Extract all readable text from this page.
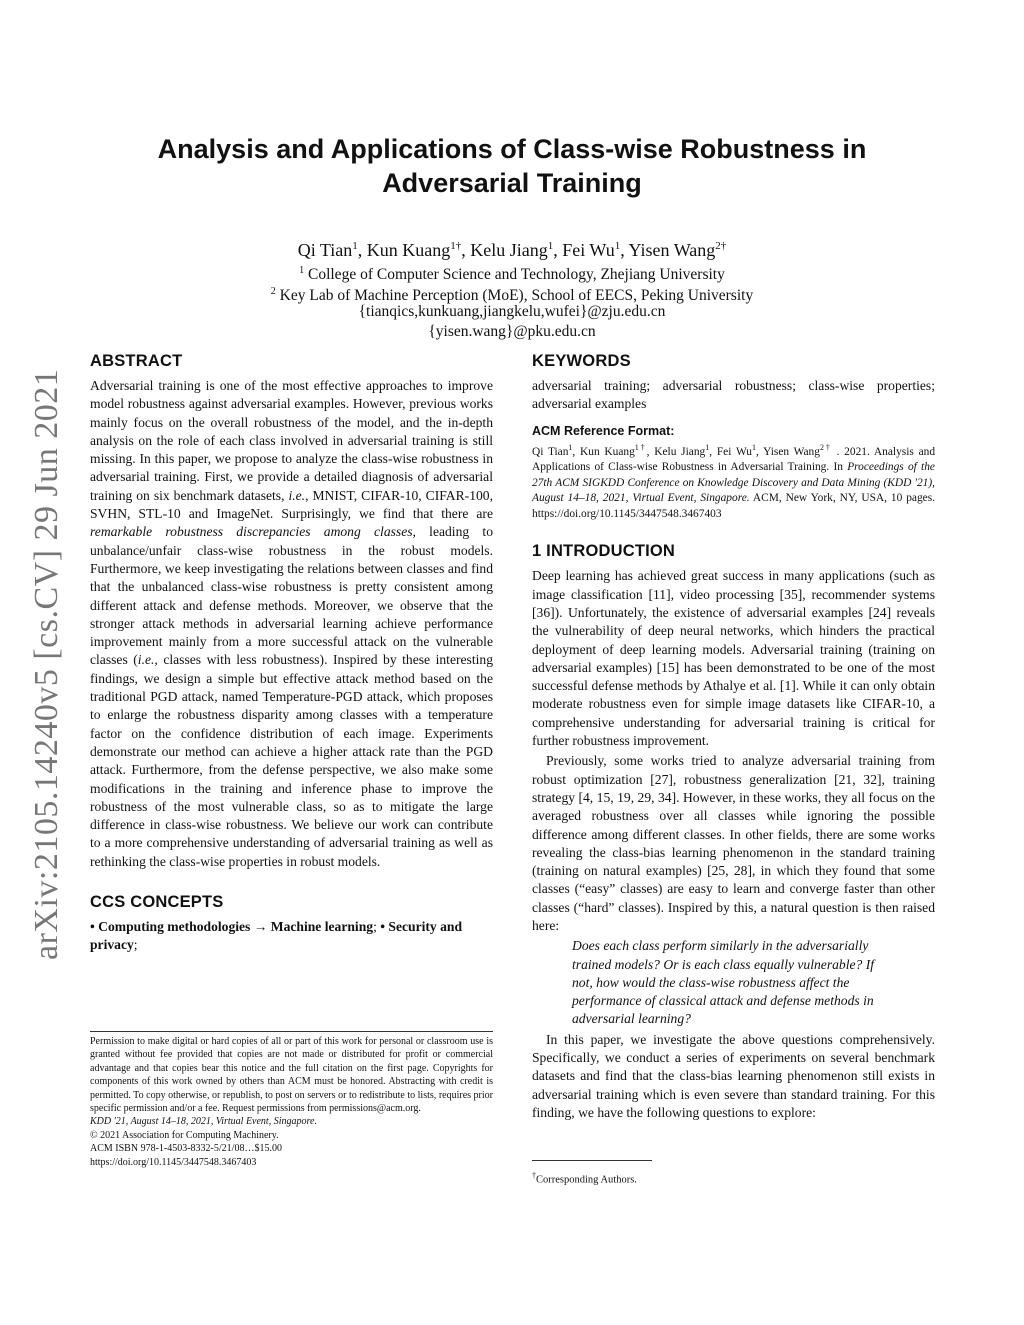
arXiv:2105.14240v5 [cs.CV] 29 Jun 2021
Analysis and Applications of Class-wise Robustness in
Adversarial Training
Qi Tian$^1$, Kun Kuang$^{1\dagger}$, Kelu Jiang$^1$, Fei Wu$^1$, Yisen Wang$^{2\dagger}$
$^1$ College of Computer Science and Technology, Zhejiang University
$^2$ Key Lab of Machine Perception (MoE), School of EECS, Peking University
{tianqics,kunkuang,jiangkelu,wufei}@zju.edu.cn
{yisen.wang}@pku.edu.cn
ABSTRACT

Adversarial training is one of the most effective approaches to improve model robustness against adversarial examples. However, previous works mainly focus on the overall robustness of the model, and the in-depth analysis on the role of each class involved in adversarial training is still missing. In this paper, we propose to analyze the class-wise robustness in adversarial training. First, we provide a detailed diagnosis of adversarial training on six benchmark datasets, i.e., MNIST, CIFAR-10, CIFAR-100, SVHN, STL-10 and ImageNet. Surprisingly, we find that there are remarkable robustness discrepancies among classes, leading to unbalance/unfair class-wise robustness in the robust models. Furthermore, we keep investigating the relations between classes and find that the unbalanced class-wise robustness is pretty consistent among different attack and defense methods. Moreover, we observe that the stronger attack methods in adversarial learning achieve performance improvement mainly from a more successful attack on the vulnerable classes (i.e., classes with less robustness). Inspired by these interesting findings, we design a simple but effective attack method based on the traditional PGD attack, named Temperature-PGD attack, which proposes to enlarge the robustness disparity among classes with a temperature factor on the confidence distribution of each image. Experiments demonstrate our method can achieve a higher attack rate than the PGD attack. Furthermore, from the defense perspective, we also make some modifications in the training and inference phase to improve the robustness of the most vulnerable class, so as to mitigate the large difference in class-wise robustness. We believe our work can contribute to a more comprehensive understanding of adversarial training as well as rethinking the class-wise properties in robust models.

CCS CONCEPTS
• Computing methodologies → Machine learning; • Security and privacy;
Permission to make digital or hard copies of all or part of this work for personal or classroom use is granted without fee provided that copies are not made or distributed for profit or commercial advantage and that copies bear this notice and the full citation on the first page. Copyrights for components of this work owned by others than ACM must be honored. Abstracting with credit is permitted. To copy otherwise, or republish, to post on servers or to redistribute to lists, requires prior specific permission and/or a fee. Request permissions from permissions@acm.org.
KDD '21, August 14–18, 2021, Virtual Event, Singapore.
© 2021 Association for Computing Machinery.
ACM ISBN 978-1-4503-8332-5/21/08…$15.00
https://doi.org/10.1145/3447548.3467403
KEYWORDS

adversarial training; adversarial robustness; class-wise properties; adversarial examples

ACM Reference Format:
Qi Tian$^1$, Kun Kuang$^{1\dagger}$, Kelu Jiang$^1$, Fei Wu$^1$, Yisen Wang$^{2\dagger}$ . 2021. Analysis and Applications of Class-wise Robustness in Adversarial Training. In Proceedings of the 27th ACM SIGKDD Conference on Knowledge Discovery and Data Mining (KDD '21), August 14–18, 2021, Virtual Event, Singapore. ACM, New York, NY, USA, 10 pages. https://doi.org/10.1145/3447548.3467403
1 INTRODUCTION

Deep learning has achieved great success in many applications (such as image classification [11], video processing [35], recommender systems [36]). Unfortunately, the existence of adversarial examples [24] reveals the vulnerability of deep neural networks, which hinders the practical deployment of deep learning models. Adversarial training (training on adversarial examples) [15] has been demonstrated to be one of the most successful defense methods by Athalye et al. [1]. While it can only obtain moderate robustness even for simple image datasets like CIFAR-10, a comprehensive understanding for adversarial training is critical for further robustness improvement.

Previously, some works tried to analyze adversarial training from robust optimization [27], robustness generalization [21, 32], training strategy [4, 15, 19, 29, 34]. However, in these works, they all focus on the averaged robustness over all classes while ignoring the possible difference among different classes. In other fields, there are some works revealing the class-bias learning phenomenon in the standard training (training on natural examples) [25, 28], in which they found that some classes (“easy” classes) are easy to learn and converge faster than other classes (“hard” classes). Inspired by this, a natural question is then raised here:

Does each class perform similarly in the adversarially trained models? Or is each class equally vulnerable? If not, how would the class-wise robustness affect the performance of classical attack and defense methods in adversarial learning?

In this paper, we investigate the above questions comprehensively. Specifically, we conduct a series of experiments on several benchmark datasets and find that the class-bias learning phenomenon still exists in adversarial training which is even severe than standard training. For this finding, we have the following questions to explore:

†Corresponding Authors.
